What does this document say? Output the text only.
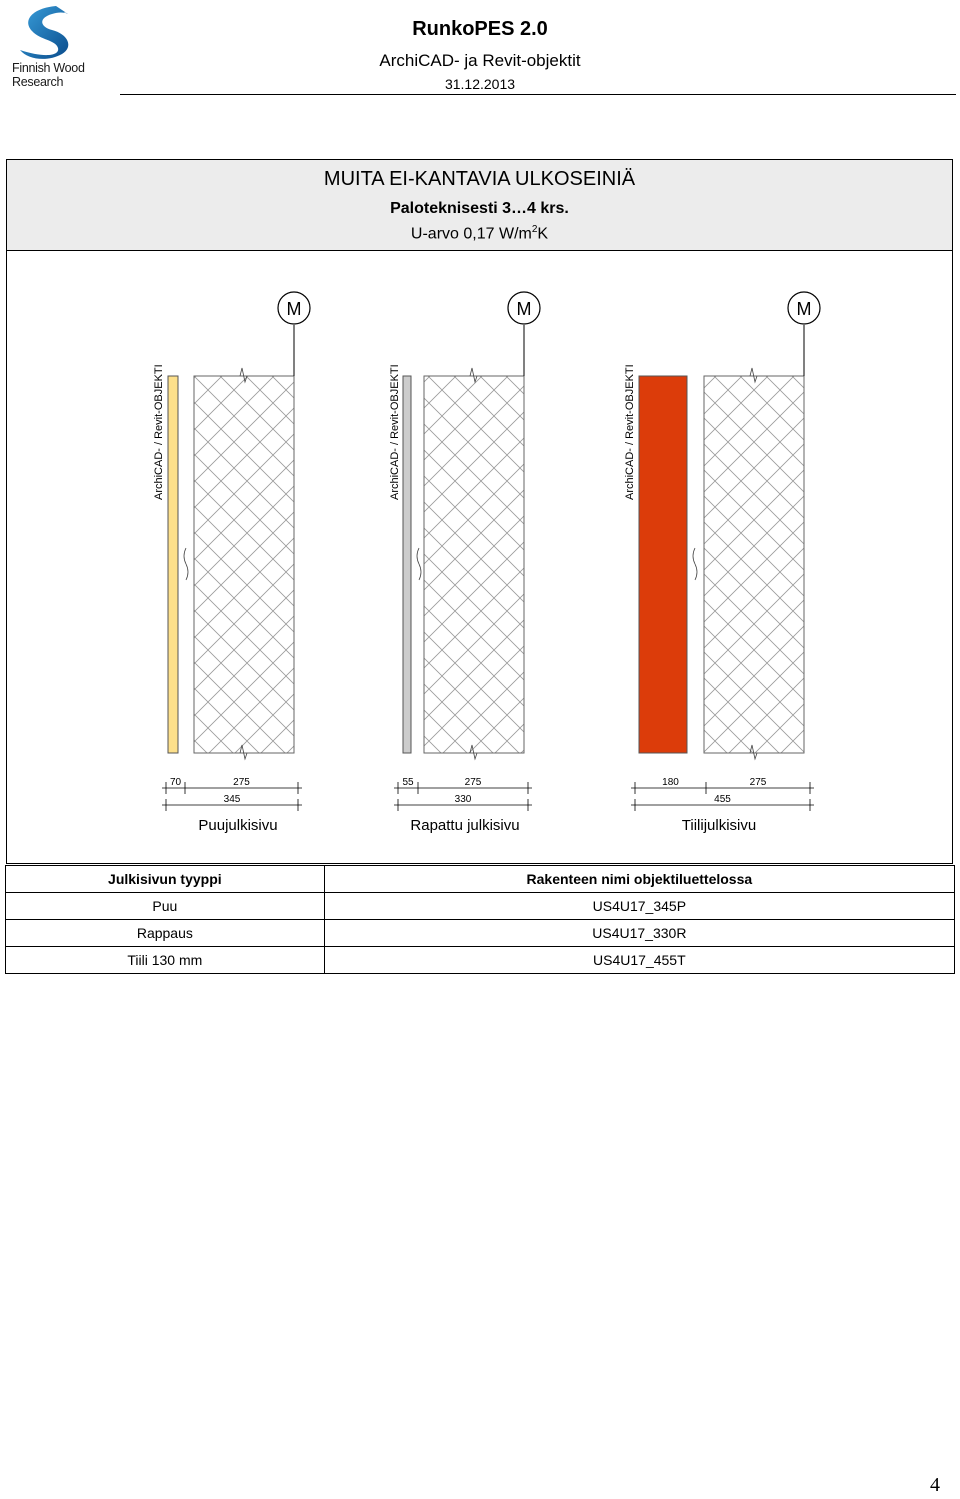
Finnish Wood
Research
RunkoPES 2.0
ArchiCAD- ja Revit-objektit
31.12.2013
MUITA EI-KANTAVIA ULKOSEINIÄ
Paloteknisesti 3…4 krs.
U-arvo 0,17 $W/m^2K$
ArchiCAD- / Revit-OBJEKTI
M
70	275
345
Puujulkisivu
ArchiCAD- / Revit-OBJEKTI
M
55	275
330
Rapattu julkisivu
ArchiCAD- / Revit-OBJEKTI
M
180	275
455
Tiilijulkisivu
Julkisivun tyyppi	Rakenteen nimi objektiluettelossa
Puu	US4U17_345P
Rappaus	US4U17_330R
Tiili 130 mm	US4U17_455T
4
